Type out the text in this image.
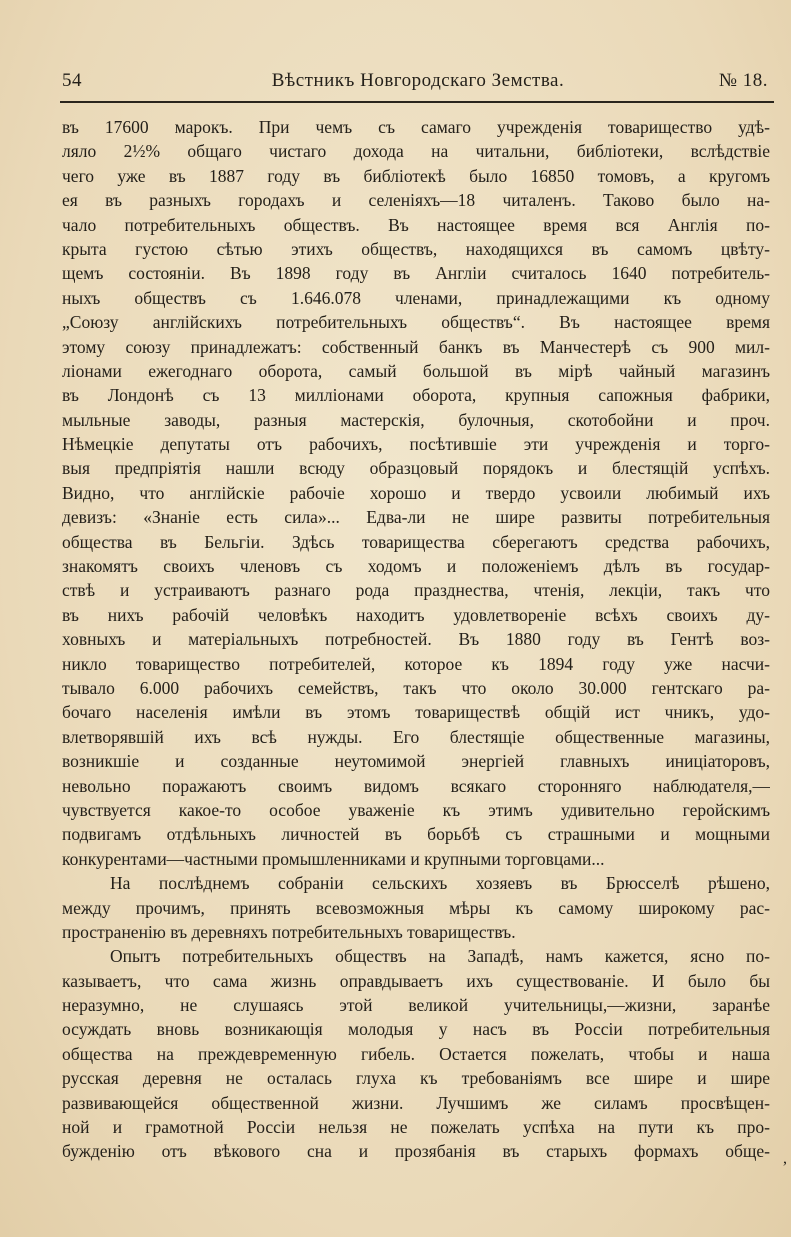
54	Вѣстникъ Новгородскаго Земства.	№ 18.
въ 17600 марокъ. При чемъ съ самаго учрежденія товарищество удѣ-
ляло 2½% общаго чистаго дохода на читальни, библіотеки, вслѣдствіе
чего уже въ 1887 году въ библіотекѣ было 16850 томовъ, а кругомъ
ея въ разныхъ городахъ и селеніяхъ—18 читаленъ. Таково было на-
чало потребительныхъ обществъ. Въ настоящее время вся Англія по-
крыта густою сѣтью этихъ обществъ, находящихся въ самомъ цвѣту-
щемъ состояніи. Въ 1898 году въ Англіи считалось 1640 потребитель-
ныхъ обществъ съ 1.646.078 членами, принадлежащими къ одному
„Союзу англійскихъ потребительныхъ обществъ“. Въ настоящее время
этому союзу принадлежатъ: собственный банкъ въ Манчестерѣ съ 900 мил-
ліонами ежегоднаго оборота, самый большой въ мірѣ чайный магазинъ
въ Лондонѣ съ 13 милліонами оборота, крупныя сапожныя фабрики,
мыльные заводы, разныя мастерскія, булочныя, скотобойни и проч.
Нѣмецкіе депутаты отъ рабочихъ, посѣтившіе эти учрежденія и торго-
выя предпріятія нашли всюду образцовый порядокъ и блестящій успѣхъ.
Видно, что англійскіе рабочіе хорошо и твердо усвоили любимый ихъ
девизъ: «Знаніе есть сила»... Едва-ли не шире развиты потребительныя
общества въ Бельгіи. Здѣсь товарищества сберегаютъ средства рабочихъ,
знакомятъ своихъ членовъ съ ходомъ и положеніемъ дѣлъ въ государ-
ствѣ и устраиваютъ разнаго рода празднества, чтенія, лекціи, такъ что
въ нихъ рабочій человѣкъ находитъ удовлетвореніе всѣхъ своихъ ду-
ховныхъ и матеріальныхъ потребностей. Въ 1880 году въ Гентѣ воз-
никло товарищество потребителей, которое къ 1894 году уже насчи-
тывало 6.000 рабочихъ семействъ, такъ что около 30.000 гентскаго ра-
бочаго населенія имѣли въ этомъ товариществѣ общій ист чникъ, удо-
влетворявшій ихъ всѣ нужды. Его блестящіе общественные магазины,
возникшіе и созданные неутомимой энергіей главныхъ иниціаторовъ,
невольно поражаютъ своимъ видомъ всякаго сторонняго наблюдателя,—
чувствуется какое-то особое уваженіе къ этимъ удивительно геройскимъ
подвигамъ отдѣльныхъ личностей въ борьбѣ съ страшными и мощными
конкурентами—частными промышленниками и крупными торговцами...
На послѣднемъ собраніи сельскихъ хозяевъ въ Брюсселѣ рѣшено,
между прочимъ, принять всевозможныя мѣры къ самому широкому рас-
пространенію въ деревняхъ потребительныхъ товариществъ.
Опытъ потребительныхъ обществъ на Западѣ, намъ кажется, ясно по-
казываетъ, что сама жизнь оправдываетъ ихъ существованіе. И было бы
неразумно, не слушаясь этой великой учительницы,—жизни, заранѣе
осуждать вновь возникающія молодыя у насъ въ Россіи потребительныя
общества на преждевременную гибель. Остается пожелать, чтобы и наша
русская деревня не осталась глуха къ требованіямъ все шире и шире
развивающейся общественной жизни. Лучшимъ же силамъ просвѣщен-
ной и грамотной Россіи нельзя не пожелать успѣха на пути къ про-
бужденію отъ вѣкового сна и прозябанія въ старыхъ формахъ обще- ,
